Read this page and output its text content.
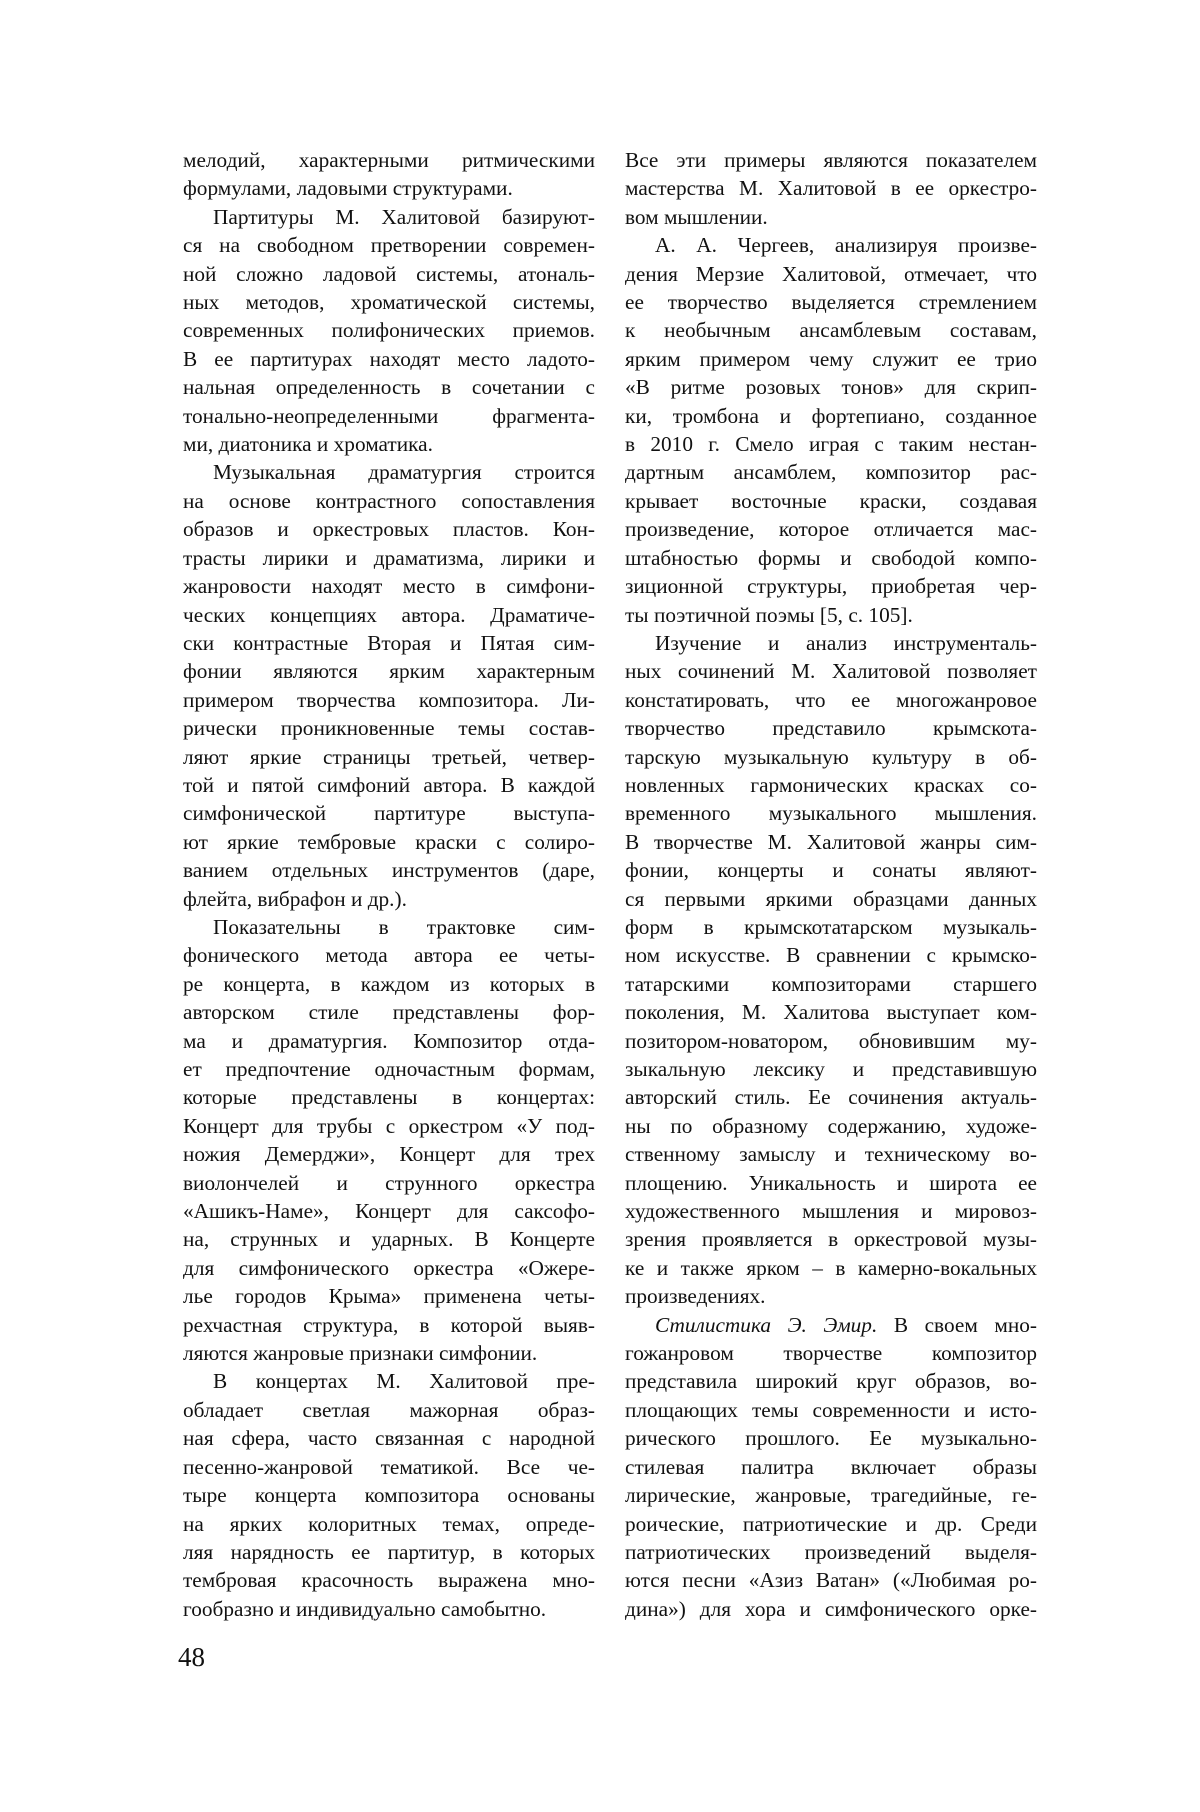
мелодий, характерными ритмическими
формулами, ладовыми структурами.
Партитуры М. Халитовой базируют-
ся на свободном претворении современ-
ной сложно ладовой системы, атональ-
ных методов, хроматической системы,
современных полифонических приемов.
В ее партитурах находят место ладото-
нальная определенность в сочетании с
тонально-неопределенными фрагмента-
ми, диатоника и хроматика.
Музыкальная драматургия строится
на основе контрастного сопоставления
образов и оркестровых пластов. Кон-
трасты лирики и драматизма, лирики и
жанровости находят место в симфони-
ческих концепциях автора. Драматиче-
ски контрастные Вторая и Пятая сим-
фонии являются ярким характерным
примером творчества композитора. Ли-
рически проникновенные темы состав-
ляют яркие страницы третьей, четвер-
той и пятой симфоний автора. В каждой
симфонической партитуре выступа-
ют яркие тембровые краски с солиро-
ванием отдельных инструментов (даре,
флейта, вибрафон и др.).
Показательны в трактовке сим-
фонического метода автора ее четы-
ре концерта, в каждом из которых в
авторском стиле представлены фор-
ма и драматургия. Композитор отда-
ет предпочтение одночастным формам,
которые представлены в концертах:
Концерт для трубы с оркестром «У под-
ножия Демерджи», Концерт для трех
виолончелей и струнного оркестра
«Ашикъ-Наме», Концерт для саксофо-
на, струнных и ударных. В Концерте
для симфонического оркестра «Ожере-
лье городов Крыма» применена четы-
рехчастная структура, в которой выяв-
ляются жанровые признаки симфонии.
В концертах М. Халитовой пре-
обладает светлая мажорная образ-
ная сфера, часто связанная с народной
песенно-жанровой тематикой. Все че-
тыре концерта композитора основаны
на ярких колоритных темах, опреде-
ляя нарядность ее партитур, в которых
тембровая красочность выражена мно-
гообразно и индивидуально самобытно.
Все эти примеры являются показателем
мастерства М. Халитовой в ее оркестро-
вом мышлении.
А. А. Чергеев, анализируя произве-
дения Мерзие Халитовой, отмечает, что
ее творчество выделяется стремлением
к необычным ансамблевым составам,
ярким примером чему служит ее трио
«В ритме розовых тонов» для скрип-
ки, тромбона и фортепиано, созданное
в 2010 г. Смело играя с таким нестан-
дартным ансамблем, композитор рас-
крывает восточные краски, создавая
произведение, которое отличается мас-
штабностью формы и свободой компо-
зиционной структуры, приобретая чер-
ты поэтичной поэмы [5, с. 105].
Изучение и анализ инструменталь-
ных сочинений М. Халитовой позволяет
констатировать, что ее многожанровое
творчество представило крымскота-
тарскую музыкальную культуру в об-
новленных гармонических красках со-
временного музыкального мышления.
В творчестве М. Халитовой жанры сим-
фонии, концерты и сонаты являют-
ся первыми яркими образцами данных
форм в крымскотатарском музыкаль-
ном искусстве. В сравнении с крымско-
татарскими композиторами старшего
поколения, М. Халитова выступает ком-
позитором-новатором, обновившим му-
зыкальную лексику и представившую
авторский стиль. Ее сочинения актуаль-
ны по образному содержанию, художе-
ственному замыслу и техническому во-
площению. Уникальность и широта ее
художественного мышления и мировоз-
зрения проявляется в оркестровой музы-
ке и также ярком – в камерно-вокальных
произведениях.
Стилистика Э. Эмир. В своем мно-
гожанровом творчестве композитор
представила широкий круг образов, во-
площающих темы современности и исто-
рического прошлого. Ее музыкально-
стилевая палитра включает образы
лирические, жанровые, трагедийные, ге-
роические, патриотические и др. Среди
патриотических произведений выделя-
ются песни «Азиз Ватан» («Любимая ро-
дина») для хора и симфонического орке-
48
